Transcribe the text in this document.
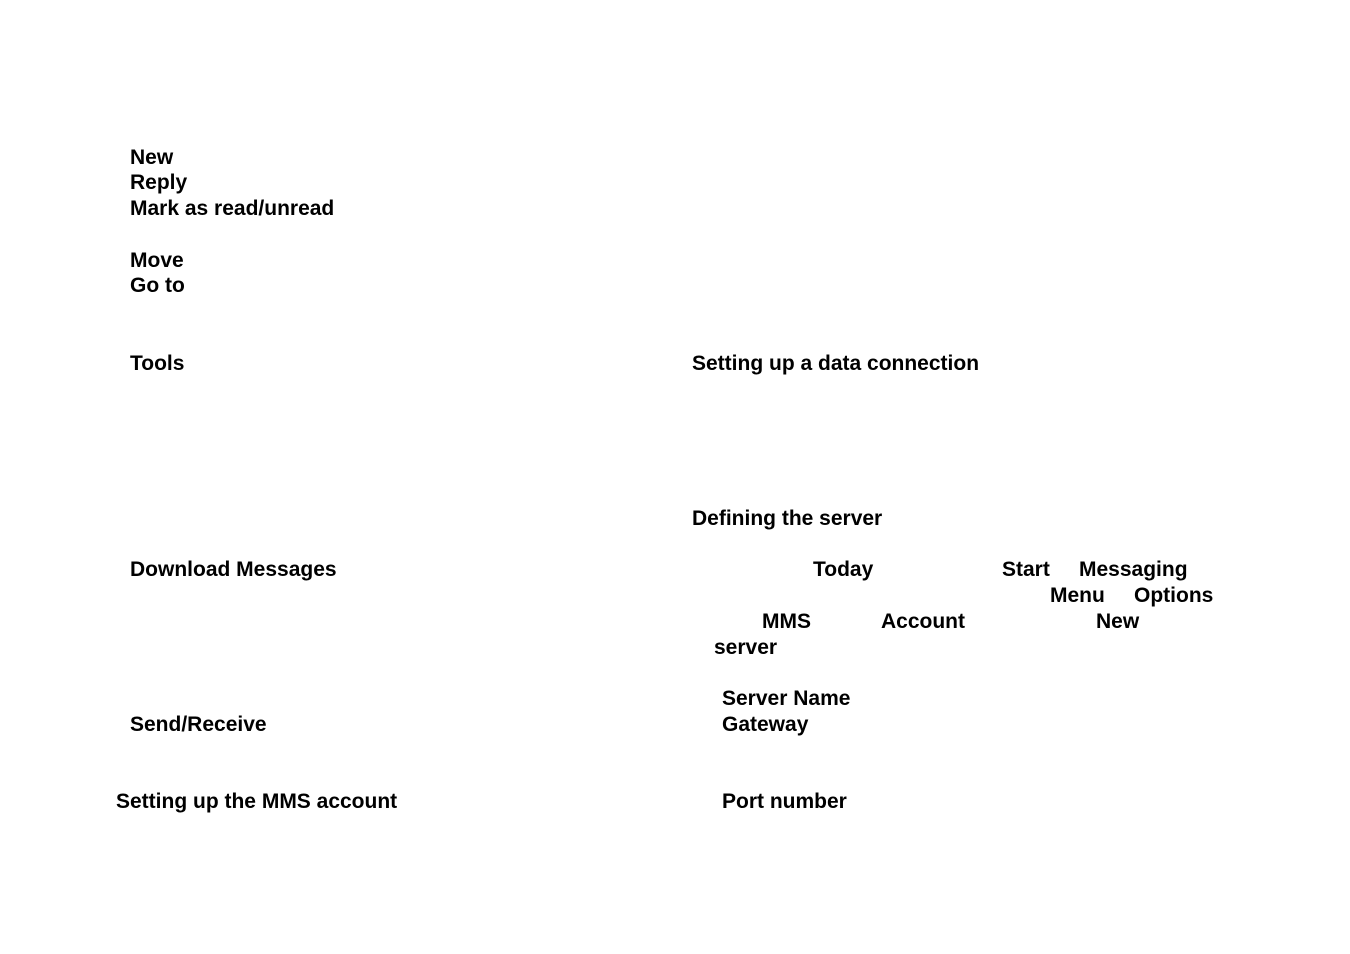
New
Reply
Mark as read/unread
Move
Go to
Tools
Download Messages
Send/Receive
Setting up the MMS account
Setting up a data connection
Defining the server
Today	Start Messaging
Menu Options
MMS	Account	New
server
Server Name
Gateway
Port number
